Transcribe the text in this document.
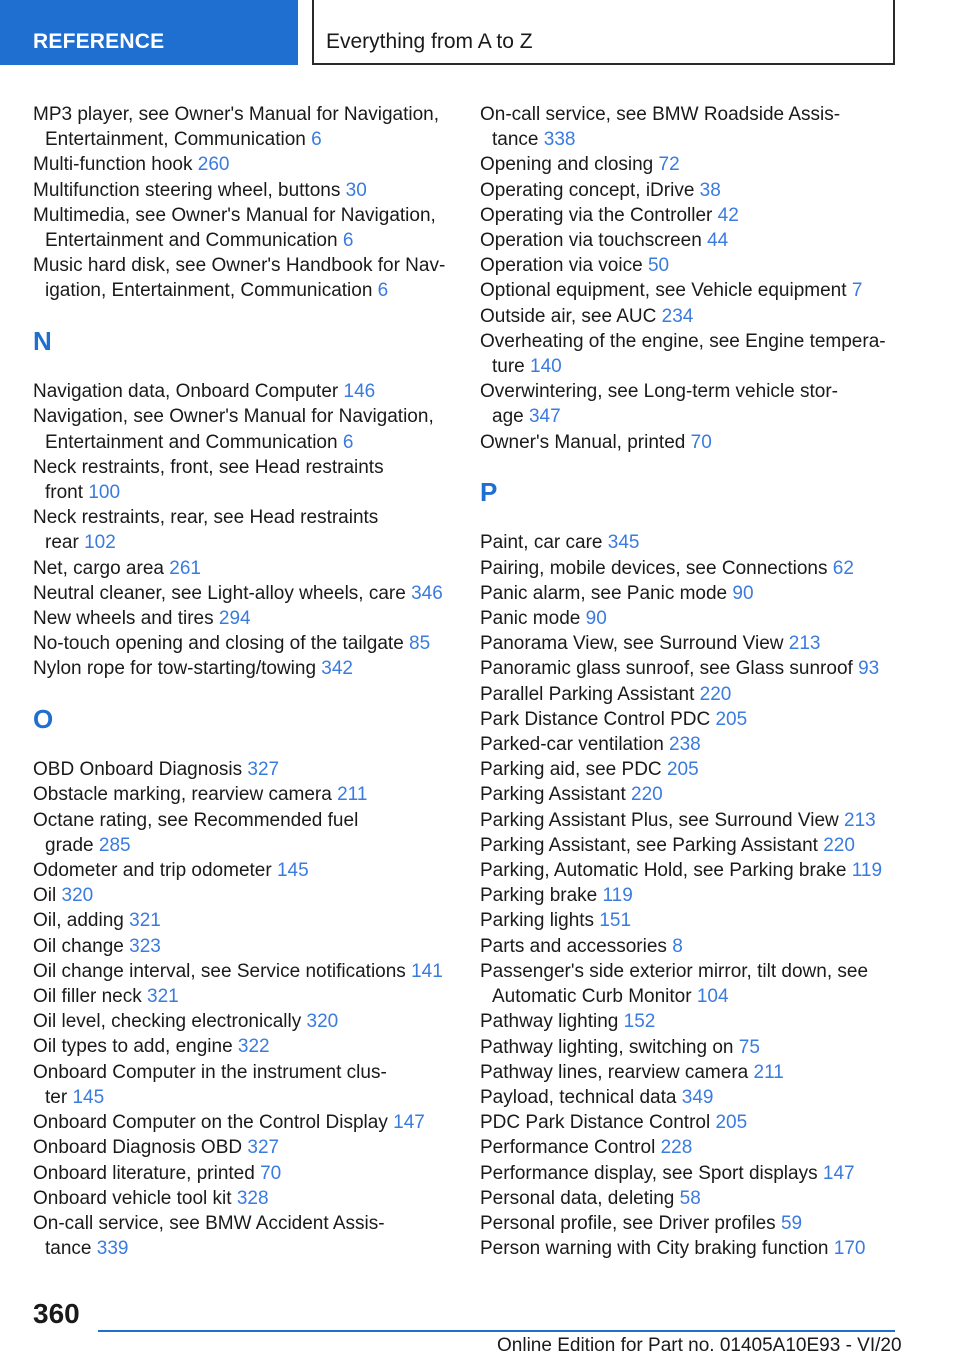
REFERENCE	Everything from A to Z
MP3 player, see Owner's Manual for Navigation,
Entertainment, Communication 6
Multi-function hook 260
Multifunction steering wheel, buttons 30
Multimedia, see Owner's Manual for Navigation,
Entertainment and Communication 6
Music hard disk, see Owner's Handbook for Nav-
igation, Entertainment, Communication 6
N
Navigation data, Onboard Computer 146
Navigation, see Owner's Manual for Navigation,
Entertainment and Communication 6
Neck restraints, front, see Head restraints
front 100
Neck restraints, rear, see Head restraints
rear 102
Net, cargo area 261
Neutral cleaner, see Light-alloy wheels, care 346
New wheels and tires 294
No-touch opening and closing of the tailgate 85
Nylon rope for tow-starting/towing 342
O
OBD Onboard Diagnosis 327
Obstacle marking, rearview camera 211
Octane rating, see Recommended fuel
grade 285
Odometer and trip odometer 145
Oil 320
Oil, adding 321
Oil change 323
Oil change interval, see Service notifications 141
Oil filler neck 321
Oil level, checking electronically 320
Oil types to add, engine 322
Onboard Computer in the instrument clus-
ter 145
Onboard Computer on the Control Display 147
Onboard Diagnosis OBD 327
Onboard literature, printed 70
Onboard vehicle tool kit 328
On-call service, see BMW Accident Assis-
tance 339
On-call service, see BMW Roadside Assis-
tance 338
Opening and closing 72
Operating concept, iDrive 38
Operating via the Controller 42
Operation via touchscreen 44
Operation via voice 50
Optional equipment, see Vehicle equipment 7
Outside air, see AUC 234
Overheating of the engine, see Engine tempera-
ture 140
Overwintering, see Long-term vehicle stor-
age 347
Owner's Manual, printed 70
P
Paint, car care 345
Pairing, mobile devices, see Connections 62
Panic alarm, see Panic mode 90
Panic mode 90
Panorama View, see Surround View 213
Panoramic glass sunroof, see Glass sunroof 93
Parallel Parking Assistant 220
Park Distance Control PDC 205
Parked-car ventilation 238
Parking aid, see PDC 205
Parking Assistant 220
Parking Assistant Plus, see Surround View 213
Parking Assistant, see Parking Assistant 220
Parking, Automatic Hold, see Parking brake 119
Parking brake 119
Parking lights 151
Parts and accessories 8
Passenger's side exterior mirror, tilt down, see
Automatic Curb Monitor 104
Pathway lighting 152
Pathway lighting, switching on 75
Pathway lines, rearview camera 211
Payload, technical data 349
PDC Park Distance Control 205
Performance Control 228
Performance display, see Sport displays 147
Personal data, deleting 58
Personal profile, see Driver profiles 59
Person warning with City braking function 170
360
Online Edition for Part no. 01405A10E93 - VI/20
